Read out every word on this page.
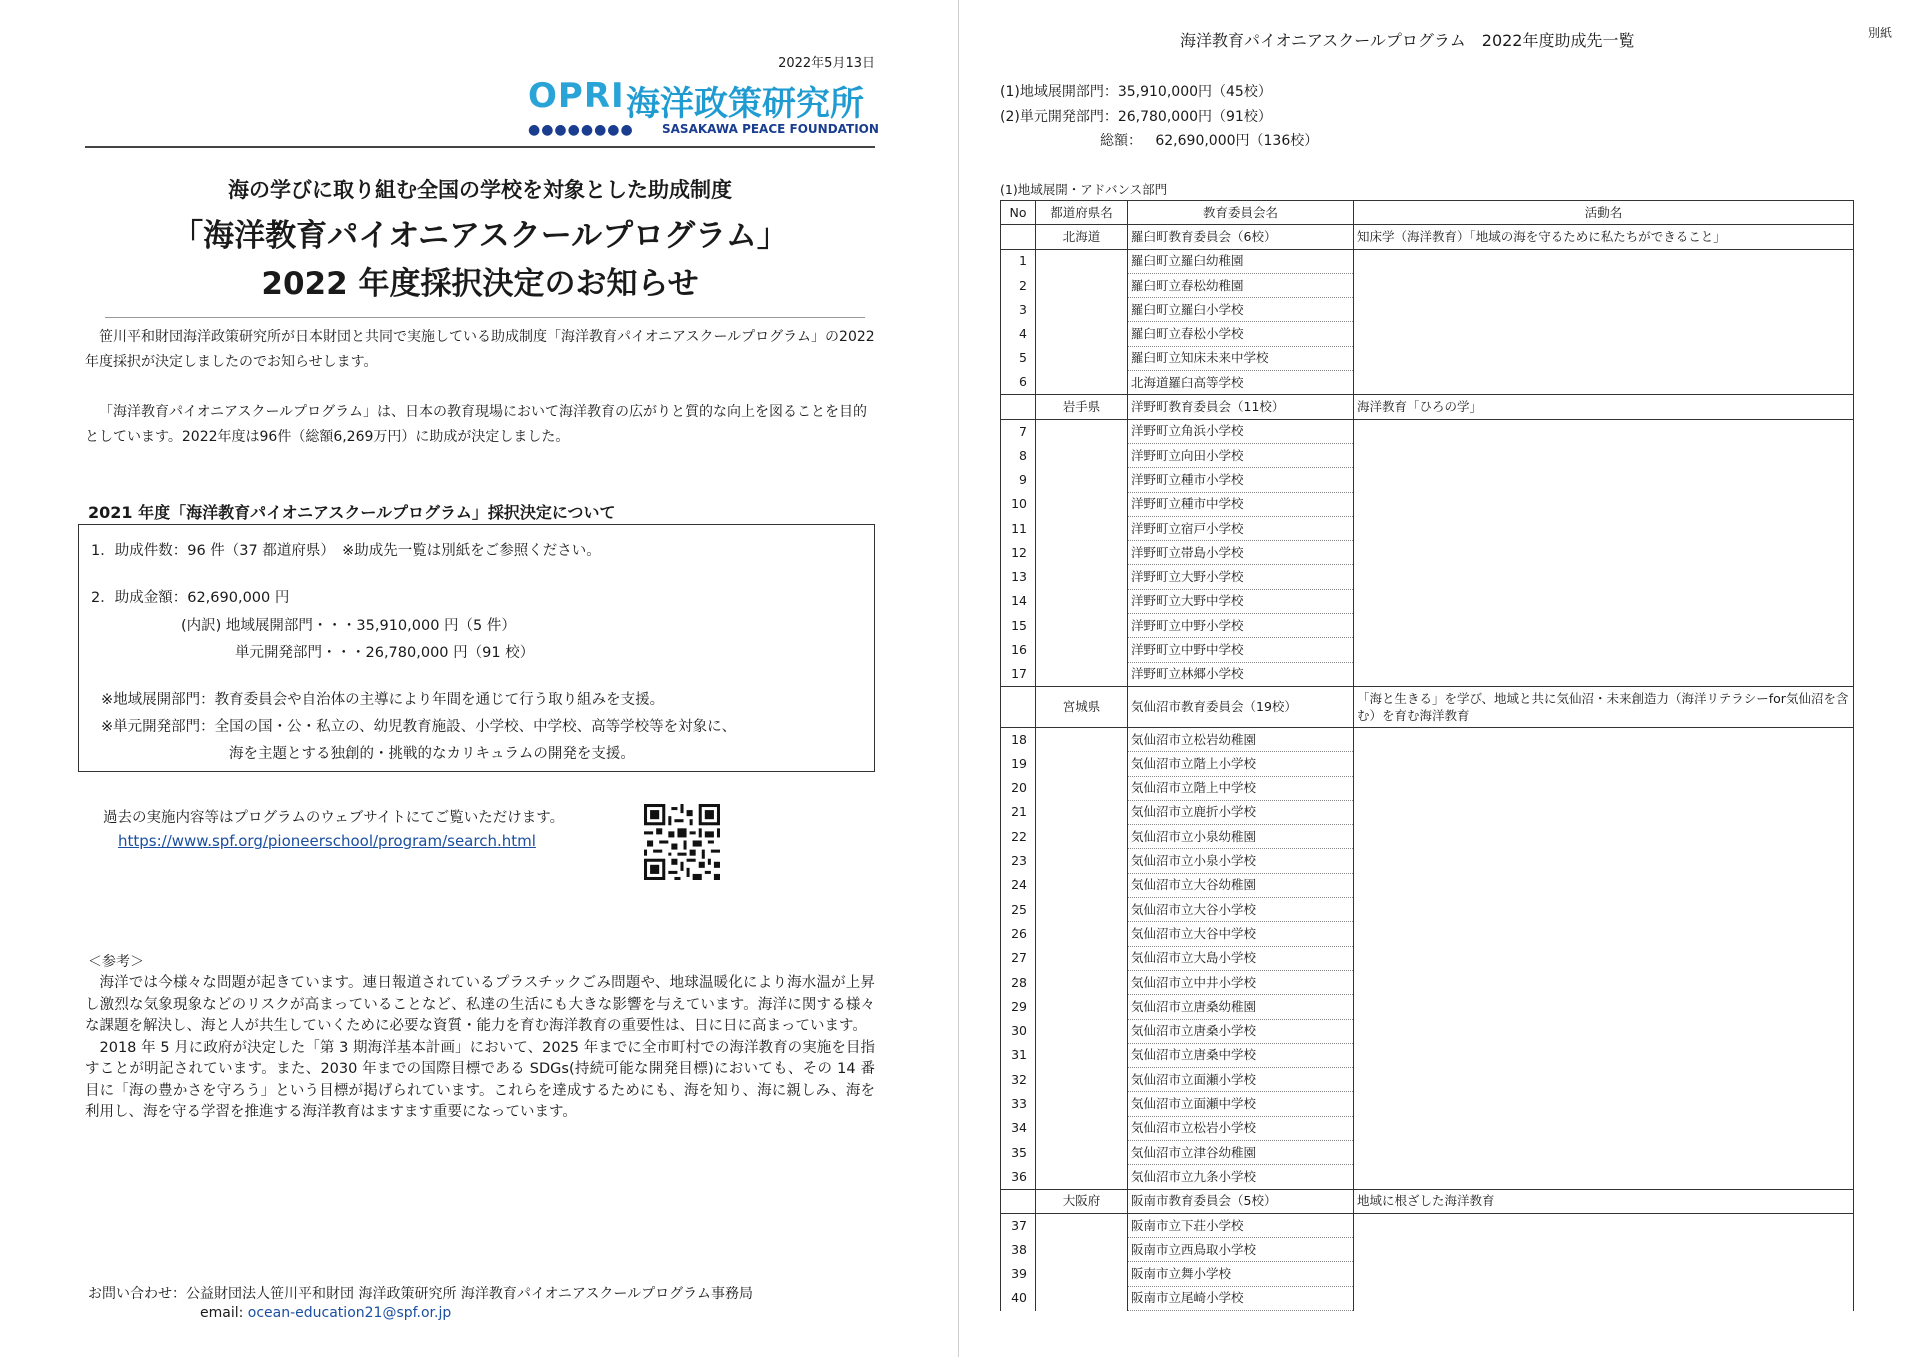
2022年5月13日
OPRI 海洋政策研究所
●●●●●●●● SASAKAWA PEACE FOUNDATION
海の学びに取り組む全国の学校を対象とした助成制度
「海洋教育パイオニアスクールプログラム」
2022 年度採択決定のお知らせ
笹川平和財団海洋政策研究所が日本財団と共同で実施している助成制度「海洋教育パイオニアスクールプログラム」の2022年度採択が決定しましたのでお知らせします。
「海洋教育パイオニアスクールプログラム」は、日本の教育現場において海洋教育の広がりと質的な向上を図ることを目的としています。2022年度は96件（総額6,269万円）に助成が決定しました。
2021 年度「海洋教育パイオニアスクールプログラム」採択決定について
1．助成件数：96 件（37 都道府県）　※助成先一覧は別紙をご参照ください。
2．助成金額：62,690,000 円
(内訳) 地域展開部門・・・35,910,000 円（5 件）
単元開発部門・・・26,780,000 円（91 校）
※地域展開部門：教育委員会や自治体の主導により年間を通じて行う取り組みを支援。
※単元開発部門：全国の国・公・私立の、幼児教育施設、小学校、中学校、高等学校等を対象に、
海を主題とする独創的・挑戦的なカリキュラムの開発を支援。
過去の実施内容等はプログラムのウェブサイトにてご覧いただけます。
https://www.spf.org/pioneerschool/program/search.html
＜参考＞

海洋では今様々な問題が起きています。連日報道されているプラスチックごみ問題や、地球温暖化により海水温が上昇し激烈な気象現象などのリスクが高まっていることなど、私達の生活にも大きな影響を与えています。海洋に関する様々な課題を解決し、海と人が共生していくために必要な資質・能力を育む海洋教育の重要性は、日に日に高まっています。

2018 年 5 月に政府が決定した「第 3 期海洋基本計画」において、2025 年までに全市町村での海洋教育の実施を目指すことが明記されています。また、2030 年までの国際目標である SDGs(持続可能な開発目標)においても、その 14 番目に「海の豊かさを守ろう」という目標が掲げられています。これらを達成するためにも、海を知り、海に親しみ、海を利用し、海を守る学習を推進する海洋教育はますます重要になっています。

お問い合わせ：公益財団法人笹川平和財団 海洋政策研究所 海洋教育パイオニアスクールプログラム事務局
email: ocean-education21@spf.or.jp
海洋教育パイオニアスクールプログラム　2022年度助成先一覧	別紙
(1)地域展開部門：35,910,000円（45校）
(2)単元開発部門：26,780,000円（91校）
総額： 62,690,000円（136校）
(1)地域展開・アドバンス部門
No	都道府県名	教育委員会名	活動名
	北海道	羅臼町教育委員会（6校）	知床学（海洋教育）「地域の海を守るために私たちができること」
1		羅臼町立羅臼幼稚園	
2		羅臼町立春松幼稚園	
3		羅臼町立羅臼小学校	
4		羅臼町立春松小学校	
5		羅臼町立知床未来中学校	
6		北海道羅臼高等学校	
	岩手県	洋野町教育委員会（11校）	海洋教育「ひろの学」
7		洋野町立角浜小学校	
8		洋野町立向田小学校	
9		洋野町立種市小学校	
10		洋野町立種市中学校	
11		洋野町立宿戸小学校	
12		洋野町立帯島小学校	
13		洋野町立大野小学校	
14		洋野町立大野中学校	
15		洋野町立中野小学校	
16		洋野町立中野中学校	
17		洋野町立林郷小学校	
	宮城県	気仙沼市教育委員会（19校）	「海と生きる」を学び、地域と共に気仙沼・未来創造力（海洋リテラシーfor気仙沼を含む）を育む海洋教育
18		気仙沼市立松岩幼稚園	
19		気仙沼市立階上小学校	
20		気仙沼市立階上中学校	
21		気仙沼市立鹿折小学校	
22		気仙沼市立小泉幼稚園	
23		気仙沼市立小泉小学校	
24		気仙沼市立大谷幼稚園	
25		気仙沼市立大谷小学校	
26		気仙沼市立大谷中学校	
27		気仙沼市立大島小学校	
28		気仙沼市立中井小学校	
29		気仙沼市立唐桑幼稚園	
30		気仙沼市立唐桑小学校	
31		気仙沼市立唐桑中学校	
32		気仙沼市立面瀬小学校	
33		気仙沼市立面瀬中学校	
34		気仙沼市立松岩小学校	
35		気仙沼市立津谷幼稚園	
36		気仙沼市立九条小学校	
	大阪府	阪南市教育委員会（5校）	地域に根ざした海洋教育
37		阪南市立下荘小学校	
38		阪南市立西鳥取小学校	
39		阪南市立舞小学校	
40		阪南市立尾崎小学校	
